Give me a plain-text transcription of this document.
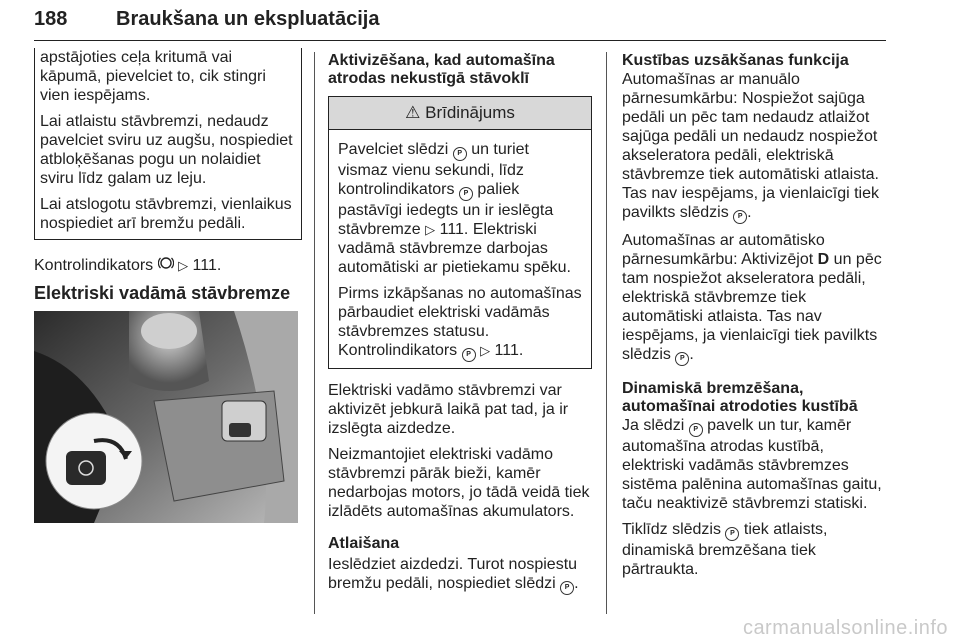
188 Braukšana un ekspluatācija

apstājoties ceļa kritumā vai kāpumā, pievelciet to, cik stingri vien iespējams.

Lai atlaistu stāvbremzi, nedaudz pavelciet sviru uz augšu, nospiediet atbloķēšanas pogu un nolaidiet sviru līdz galam uz leju.

Lai atslogotu stāvbremzi, vienlaikus nospiediet arī bremžu pedāli.

Kontrolindikators ▷ 111.

Elektriski vadāmā stāvbremze
Aktivizēšana, kad automašīna atrodas nekustīgā stāvoklī
⚠ Brīdinājums

Pavelciet slēdzi P un turiet vismaz vienu sekundi, līdz kontrolindikators P paliek pastāvīgi iedegts un ir ieslēgta stāvbremze ▷ 111. Elektriski vadāmā stāvbremze darbojas automātiski ar pietiekamu spēku.

Pirms izkāpšanas no automašīnas pārbaudiet elektriski vadāmās stāvbremzes statusu. Kontrolindikators P ▷ 111.

Elektriski vadāmo stāvbremzi var aktivizēt jebkurā laikā pat tad, ja ir izslēgta aizdedze.

Neizmantojiet elektriski vadāmo stāvbremzi pārāk bieži, kamēr nedarbojas motors, jo tādā veidā tiek izlādēts automašīnas akumulators.

Atlaišana

Ieslēdziet aizdedzi. Turot nospiestu bremžu pedāli, nospiediet slēdzi P .

Kustības uzsākšanas funkcija

Automašīnas ar manuālo pārnesumkārbu: Nospiežot sajūga pedāli un pēc tam nedaudz atlaižot sajūga pedāli un nedaudz nospiežot akseleratora pedāli, elektriskā stāvbremze tiek automātiski atlaista. Tas nav iespējams, ja vienlaicīgi tiek pavilkts slēdzis P .

Automašīnas ar automātisko pārnesumkārbu: Aktivizējot D un pēc tam nospiežot akseleratora pedāli, elektriskā stāvbremze tiek automātiski atlaista. Tas nav iespējams, ja vienlaicīgi tiek pavilkts slēdzis P .

Dinamiskā bremzēšana, automašīnai atrodoties kustībā

Ja slēdzi P pavelk un tur, kamēr automašīna atrodas kustībā, elektriski vadāmās stāvbremzes sistēma palēnina automašīnas gaitu, taču neaktivizē stāvbremzi statiski.

Tiklīdz slēdzis P tiek atlaists, dinamiskā bremzēšana tiek pārtraukta.

carmanualsonline.info
